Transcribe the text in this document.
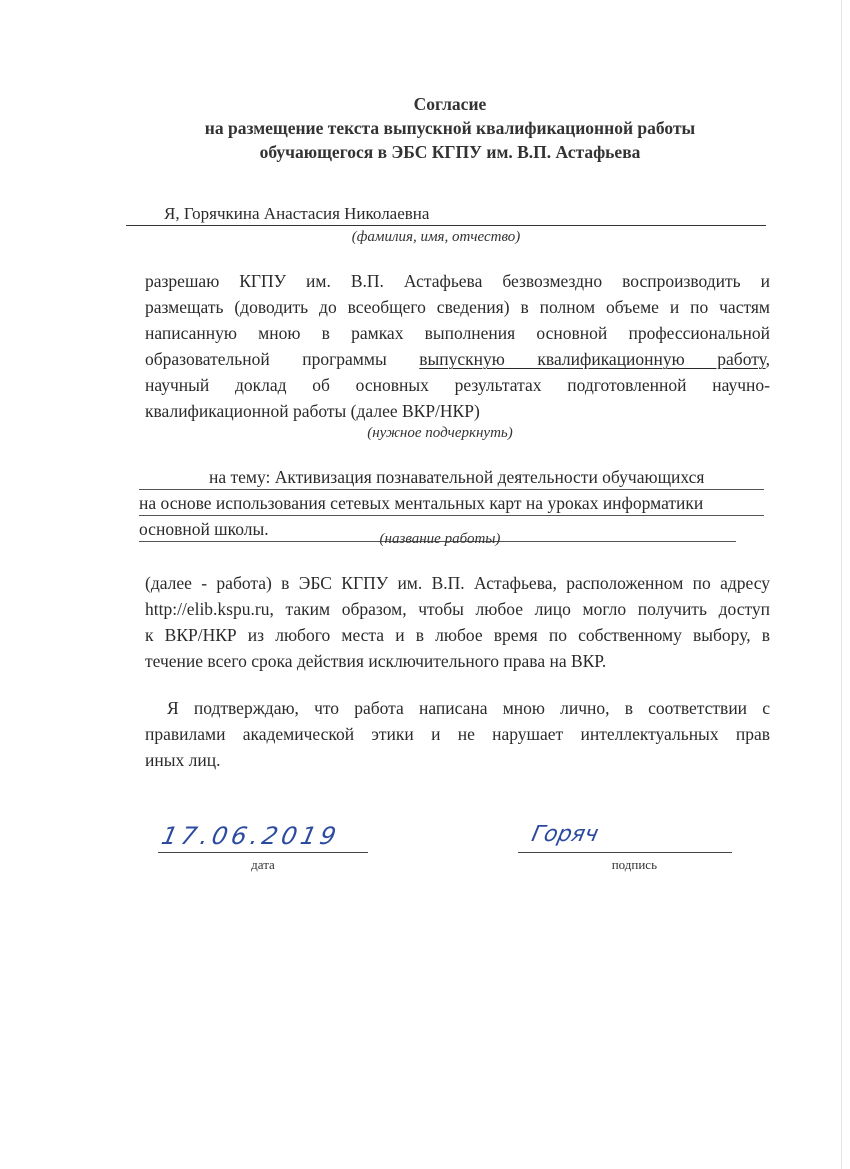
Согласие
на размещение текста выпускной квалификационной работы
обучающегося в ЭБС КГПУ им. В.П. Астафьева
Я, Горячкина Анастасия Николаевна
(фамилия, имя, отчество)
разрешаю КГПУ им. В.П. Астафьева безвозмездно воспроизводить и
размещать (доводить до всеобщего сведения) в полном объеме и по частям
написанную мною в рамках выполнения основной профессиональной
образовательной программы выпускную квалификационную работу,
научный доклад об основных результатах подготовленной научно-
квалификационной работы (далее ВКР/НКР)
(нужное подчеркнуть)
на тему: Активизация познавательной деятельности обучающихся
на основе использования сетевых ментальных карт на уроках информатики
основной школы.	(название работы)
(далее - работа) в ЭБС КГПУ им. В.П. Астафьева, расположенном по адресу
http://elib.kspu.ru, таким образом, чтобы любое лицо могло получить доступ
к ВКР/НКР из любого места и в любое время по собственному выбору, в
течение всего срока действия исключительного права на ВКР.
Я подтверждаю, что работа написана мною лично, в соответствии с
правилами академической этики и не нарушает интеллектуальных прав
иных лиц.
17.06.2019
дата
Горяч
подпись
